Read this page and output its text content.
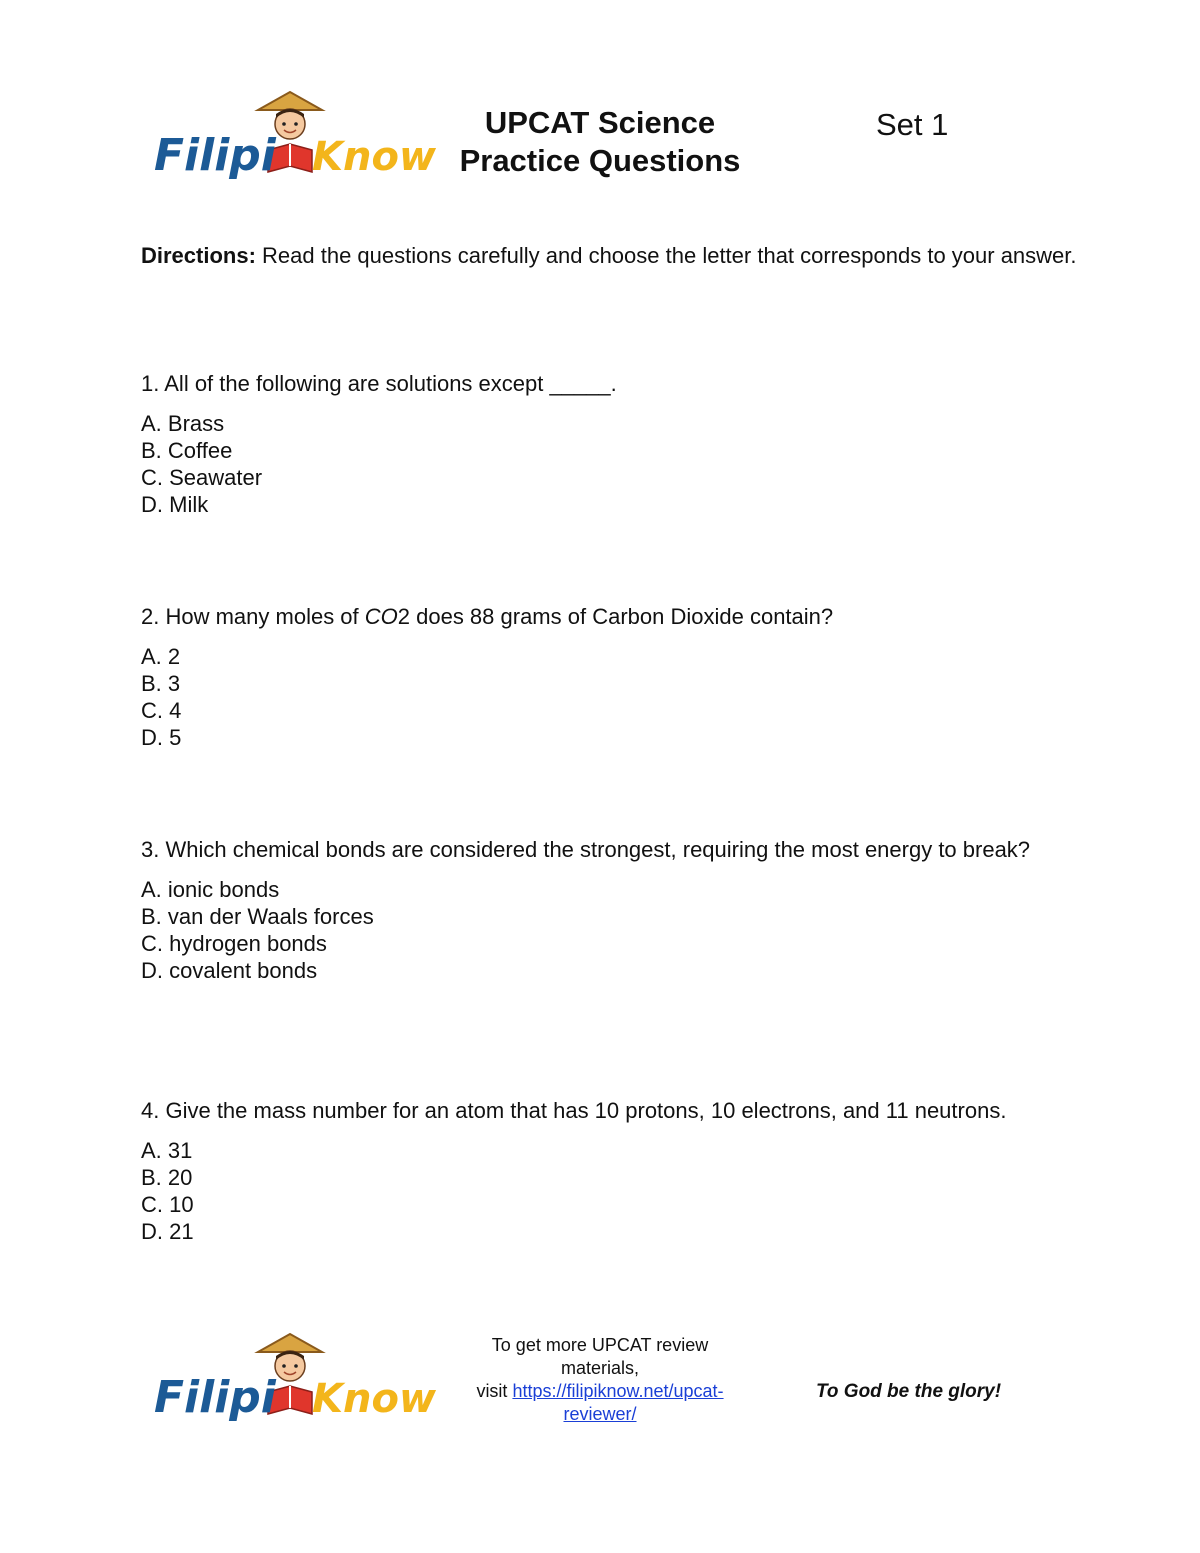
Filipi Know
UPCAT Science
Practice Questions
Set 1
Directions: Read the questions carefully and choose the letter that corresponds to your answer.
1. All of the following are solutions except _____.
A. Brass
B. Coffee
C. Seawater
D. Milk
2. How many moles of CO2 does 88 grams of Carbon Dioxide contain?
A. 2
B. 3
C. 4
D. 5
3. Which chemical bonds are considered the strongest, requiring the most energy to break?
A. ionic bonds
B. van der Waals forces
C. hydrogen bonds
D. covalent bonds
4. Give the mass number for an atom that has 10 protons, 10 electrons, and 11 neutrons.
A. 31
B. 20
C. 10
D. 21
Filipi Know
To get more UPCAT review materials,
visit https://filipiknow.net/upcat-reviewer/
To God be the glory!
